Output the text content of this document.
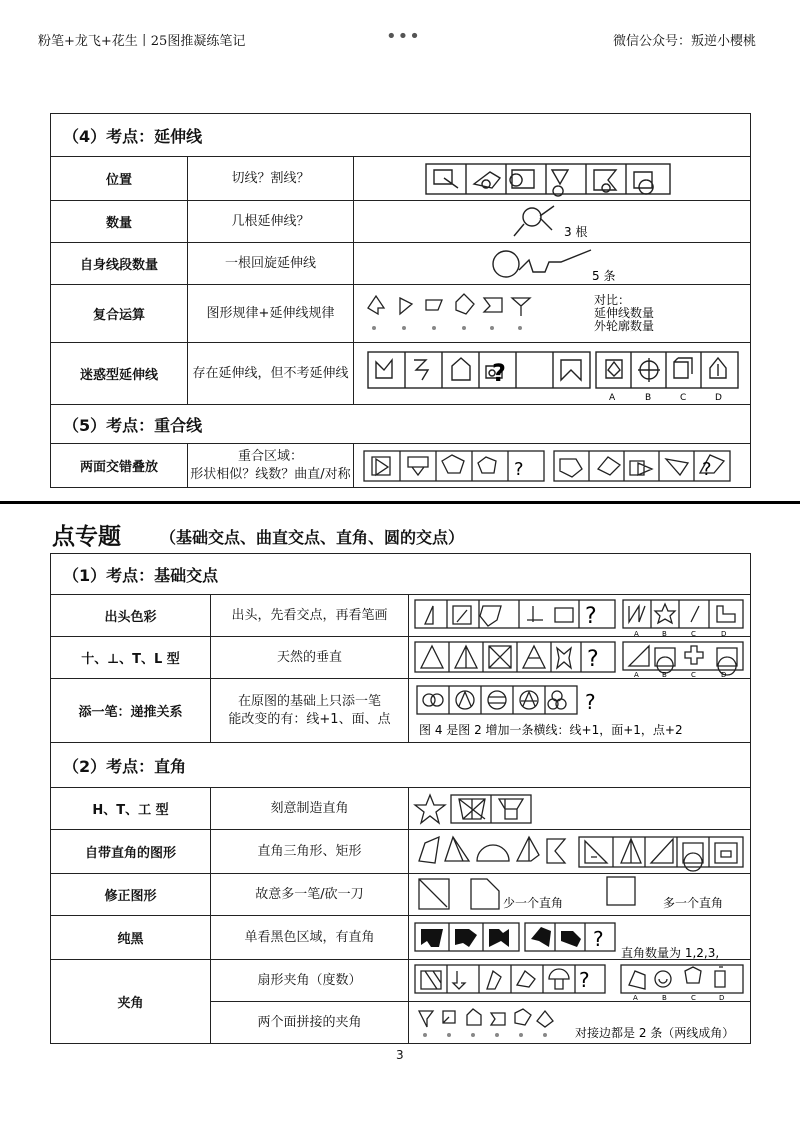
粉笔+龙飞+花生丨25图推凝练笔记	•••	微信公众号：叛逆小樱桃
（4）考点：延伸线		
位置	切线？割线？	

数量	几根延伸线？	3 根

自身线段数量	一根回旋延伸线	5 条

复合运算	图形规律+延伸线规律	对比：
延伸线数量
外轮廓数量

迷惑型延伸线	存在延伸线，但不考延伸线	?
A B C D

（5）考点：重合线		
两面交错叠放	重合区域：
形状相似？线数？曲直/对称	? ?
点专题 （基础交点、曲直交点、直角、圆的交点）
（1）考点：基础交点		
出头色彩	出头，先看交点，再看笔画	?
A B C D

十、⊥、T、L 型	天然的垂直	?
A B C D

添一笔：递推关系	在原图的基础上只添一笔
能改变的有：线+1、面、点	?
图 4 是图 2 增加一条横线：线+1，面+1，点+2

（2）考点：直角		
H、T、工 型	刻意制造直角	

自带直角的图形	直角三角形、矩形	

修正图形	故意多一笔/砍一刀	少一个直角 多一个直角

纯黑	单看黑色区域，有直角	?
直角数量为 1,2,3,

夹角	扇形夹角（度数）	?
A B C D

	两个面拼接的夹角	对接边都是 2 条（两线成角）
3
